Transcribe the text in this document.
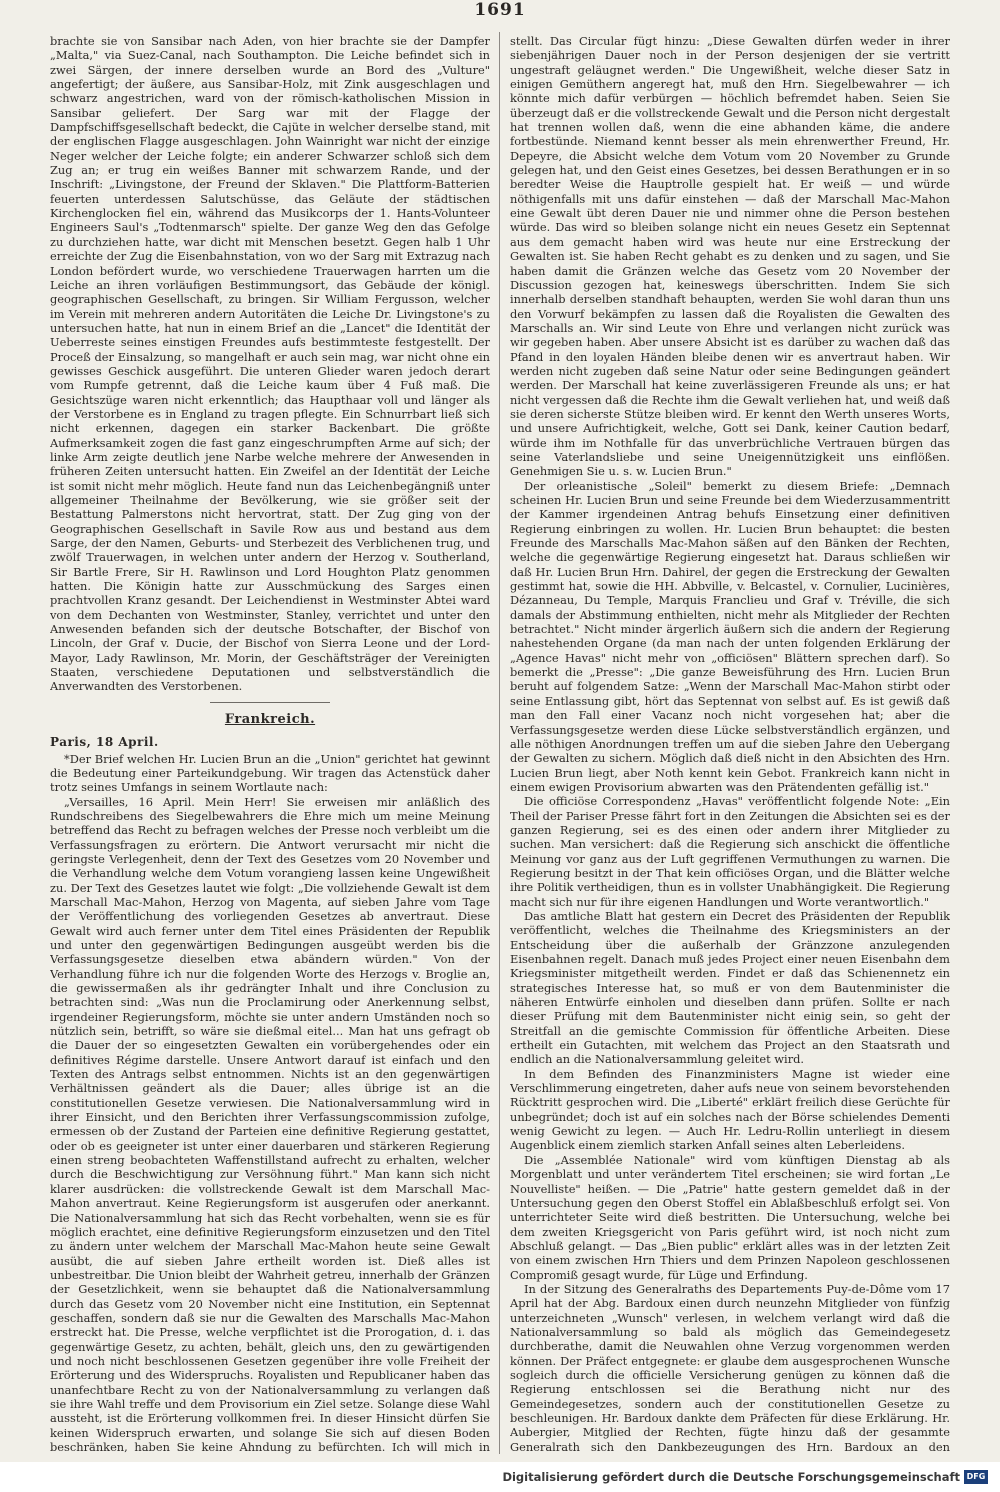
1691

brachte sie von Sansibar nach Aden, von hier brachte sie der Dampfer „Malta," via Suez-Canal, nach Southampton. Die Leiche befindet sich in zwei Särgen, der innere derselben wurde an Bord des „Vulture" angefertigt; der äußere, aus Sansibar-Holz, mit Zink ausgeschlagen und schwarz angestrichen, ward von der römisch-katholischen Mission in Sansibar geliefert. Der Sarg war mit der Flagge der Dampfschiffsgesellschaft bedeckt, die Cajüte in welcher derselbe stand, mit der englischen Flagge ausgeschlagen. John Wainright war nicht der einzige Neger welcher der Leiche folgte; ein anderer Schwarzer schloß sich dem Zug an; er trug ein weißes Banner mit schwarzem Rande, und der Inschrift: „Livingstone, der Freund der Sklaven." Die Plattform-Batterien feuerten unterdessen Salutschüsse, das Geläute der städtischen Kirchenglocken fiel ein, während das Musikcorps der 1. Hants-Volunteer Engineers Saul's „Todtenmarsch" spielte. Der ganze Weg den das Gefolge zu durchziehen hatte, war dicht mit Menschen besetzt. Gegen halb 1 Uhr erreichte der Zug die Eisenbahnstation, von wo der Sarg mit Extrazug nach London befördert wurde, wo verschiedene Trauerwagen harrten um die Leiche an ihren vorläufigen Bestimmungsort, das Gebäude der königl. geographischen Gesellschaft, zu bringen. Sir William Fergusson, welcher im Verein mit mehreren andern Autoritäten die Leiche Dr. Livingstone's zu untersuchen hatte, hat nun in einem Brief an die „Lancet" die Identität der Ueberreste seines einstigen Freundes aufs bestimmteste festgestellt. Der Proceß der Einsalzung, so mangelhaft er auch sein mag, war nicht ohne ein gewisses Geschick ausgeführt. Die unteren Glieder waren jedoch derart vom Rumpfe getrennt, daß die Leiche kaum über 4 Fuß maß. Die Gesichtszüge waren nicht erkenntlich; das Haupthaar voll und länger als der Verstorbene es in England zu tragen pflegte. Ein Schnurrbart ließ sich nicht erkennen, dagegen ein starker Backenbart. Die größte Aufmerksamkeit zogen die fast ganz eingeschrumpften Arme auf sich; der linke Arm zeigte deutlich jene Narbe welche mehrere der Anwesenden in früheren Zeiten untersucht hatten. Ein Zweifel an der Identität der Leiche ist somit nicht mehr möglich. Heute fand nun das Leichenbegängniß unter allgemeiner Theilnahme der Bevölkerung, wie sie größer seit der Bestattung Palmerstons nicht hervortrat, statt. Der Zug ging von der Geographischen Gesellschaft in Savile Row aus und bestand aus dem Sarge, der den Namen, Geburts- und Sterbezeit des Verblichenen trug, und zwölf Trauerwagen, in welchen unter andern der Herzog v. Southerland, Sir Bartle Frere, Sir H. Rawlinson und Lord Houghton Platz genommen hatten. Die Königin hatte zur Ausschmückung des Sarges einen prachtvollen Kranz gesandt. Der Leichendienst in Westminster Abtei ward von dem Dechanten von Westminster, Stanley, verrichtet und unter den Anwesenden befanden sich der deutsche Botschafter, der Bischof von Lincoln, der Graf v. Ducie, der Bischof von Sierra Leone und der Lord-Mayor, Lady Rawlinson, Mr. Morin, der Geschäftsträger der Vereinigten Staaten, verschiedene Deputationen und selbstverständlich die Anverwandten des Verstorbenen.

Frankreich.
Paris, 18 April.

*Der Brief welchen Hr. Lucien Brun an die „Union" gerichtet hat gewinnt die Bedeutung einer Parteikundgebung. Wir tragen das Actenstück daher trotz seines Umfangs in seinem Wortlaute nach:

„Versailles, 16 April. Mein Herr! Sie erweisen mir anläßlich des Rundschreibens des Siegelbewahrers die Ehre mich um meine Meinung betreffend das Recht zu befragen welches der Presse noch verbleibt um die Verfassungsfragen zu erörtern. Die Antwort verursacht mir nicht die geringste Verlegenheit, denn der Text des Gesetzes vom 20 November und die Verhandlung welche dem Votum vorangieng lassen keine Ungewißheit zu. Der Text des Gesetzes lautet wie folgt: „Die vollziehende Gewalt ist dem Marschall Mac-Mahon, Herzog von Magenta, auf sieben Jahre vom Tage der Veröffentlichung des vorliegenden Gesetzes ab anvertraut. Diese Gewalt wird auch ferner unter dem Titel eines Präsidenten der Republik und unter den gegenwärtigen Bedingungen ausgeübt werden bis die Verfassungsgesetze dieselben etwa abändern würden." Von der Verhandlung führe ich nur die folgenden Worte des Herzogs v. Broglie an, die gewissermaßen als ihr gedrängter Inhalt und ihre Conclusion zu betrachten sind: „Was nun die Proclamirung oder Anerkennung selbst, irgendeiner Regierungsform, möchte sie unter andern Umständen noch so nützlich sein, betrifft, so wäre sie dießmal eitel... Man hat uns gefragt ob die Dauer der so eingesetzten Gewalten ein vorübergehendes oder ein definitives Régime darstelle. Unsere Antwort darauf ist einfach und den Texten des Antrags selbst entnommen. Nichts ist an den gegenwärtigen Verhältnissen geändert als die Dauer; alles übrige ist an die constitutionellen Gesetze verwiesen. Die Nationalversammlung wird in ihrer Einsicht, und den Berichten ihrer Verfassungscommission zufolge, ermessen ob der Zustand der Parteien eine definitive Regierung gestattet, oder ob es geeigneter ist unter einer dauerbaren und stärkeren Regierung einen streng beobachteten Waffenstillstand aufrecht zu erhalten, welcher durch die Beschwichtigung zur Versöhnung führt." Man kann sich nicht klarer ausdrücken: die vollstreckende Gewalt ist dem Marschall Mac-Mahon anvertraut. Keine Regierungsform ist ausgerufen oder anerkannt. Die Nationalversammlung hat sich das Recht vorbehalten, wenn sie es für möglich erachtet, eine definitive Regierungsform einzusetzen und den Titel zu ändern unter welchem der Marschall Mac-Mahon heute seine Gewalt ausübt, die auf sieben Jahre ertheilt worden ist. Dieß alles ist unbestreitbar. Die Union bleibt der Wahrheit getreu, innerhalb der Gränzen der Gesetzlichkeit, wenn sie behauptet daß die Nationalversammlung durch das Gesetz vom 20 November nicht eine Institution, ein Septennat geschaffen, sondern daß sie nur die Gewalten des Marschalls Mac-Mahon erstreckt hat. Die Presse, welche verpflichtet ist die Prorogation, d. i. das gegenwärtige Gesetz, zu achten, behält, gleich uns, den zu gewärtigenden und noch nicht beschlossenen Gesetzen gegenüber ihre volle Freiheit der Erörterung und des Widerspruchs. Royalisten und Republicaner haben das unanfechtbare Recht zu von der Nationalversammlung zu verlangen daß sie ihre Wahl treffe und dem Provisorium ein Ziel setze. Solange diese Wahl aussteht, ist die Erörterung vollkommen frei. In dieser Hinsicht dürfen Sie keinen Widerspruch erwarten, und solange Sie sich auf diesen Boden beschränken, haben Sie keine Ahndung zu befürchten. Ich will mich in

stellt. Das Circular fügt hinzu: „Diese Gewalten dürfen weder in ihrer siebenjährigen Dauer noch in der Person desjenigen der sie vertritt ungestraft geläugnet werden." Die Ungewißheit, welche dieser Satz in einigen Gemüthern angeregt hat, muß den Hrn. Siegelbewahrer — ich könnte mich dafür verbürgen — höchlich befremdet haben. Seien Sie überzeugt daß er die vollstreckende Gewalt und die Person nicht dergestalt hat trennen wollen daß, wenn die eine abhanden käme, die andere fortbestünde. Niemand kennt besser als mein ehrenwerther Freund, Hr. Depeyre, die Absicht welche dem Votum vom 20 November zu Grunde gelegen hat, und den Geist eines Gesetzes, bei dessen Berathungen er in so beredter Weise die Hauptrolle gespielt hat. Er weiß — und würde nöthigenfalls mit uns dafür einstehen — daß der Marschall Mac-Mahon eine Gewalt übt deren Dauer nie und nimmer ohne die Person bestehen würde. Das wird so bleiben solange nicht ein neues Gesetz ein Septennat aus dem gemacht haben wird was heute nur eine Erstreckung der Gewalten ist. Sie haben Recht gehabt es zu denken und zu sagen, und Sie haben damit die Gränzen welche das Gesetz vom 20 November der Discussion gezogen hat, keineswegs überschritten. Indem Sie sich innerhalb derselben standhaft behaupten, werden Sie wohl daran thun uns den Vorwurf bekämpfen zu lassen daß die Royalisten die Gewalten des Marschalls an. Wir sind Leute von Ehre und verlangen nicht zurück was wir gegeben haben. Aber unsere Absicht ist es darüber zu wachen daß das Pfand in den loyalen Händen bleibe denen wir es anvertraut haben. Wir werden nicht zugeben daß seine Natur oder seine Bedingungen geändert werden. Der Marschall hat keine zuverlässigeren Freunde als uns; er hat nicht vergessen daß die Rechte ihm die Gewalt verliehen hat, und weiß daß sie deren sicherste Stütze bleiben wird. Er kennt den Werth unseres Worts, und unsere Aufrichtigkeit, welche, Gott sei Dank, keiner Caution bedarf, würde ihm im Nothfalle für das unverbrüchliche Vertrauen bürgen das seine Vaterlandsliebe und seine Uneigennützigkeit uns einflößen. Genehmigen Sie u. s. w. Lucien Brun."

Der orleanistische „Soleil" bemerkt zu diesem Briefe: „Demnach scheinen Hr. Lucien Brun und seine Freunde bei dem Wiederzusammentritt der Kammer irgendeinen Antrag behufs Einsetzung einer definitiven Regierung einbringen zu wollen. Hr. Lucien Brun behauptet: die besten Freunde des Marschalls Mac-Mahon säßen auf den Bänken der Rechten, welche die gegenwärtige Regierung eingesetzt hat. Daraus schließen wir daß Hr. Lucien Brun Hrn. Dahirel, der gegen die Erstreckung der Gewalten gestimmt hat, sowie die HH. Abbville, v. Belcastel, v. Cornulier, Lucinières, Dézanneau, Du Temple, Marquis Franclieu und Graf v. Tréville, die sich damals der Abstimmung enthielten, nicht mehr als Mitglieder der Rechten betrachtet." Nicht minder ärgerlich äußern sich die andern der Regierung nahestehenden Organe (da man nach der unten folgenden Erklärung der „Agence Havas" nicht mehr von „officiösen" Blättern sprechen darf). So bemerkt die „Presse": „Die ganze Beweisführung des Hrn. Lucien Brun beruht auf folgendem Satze: „Wenn der Marschall Mac-Mahon stirbt oder seine Entlassung gibt, hört das Septennat von selbst auf. Es ist gewiß daß man den Fall einer Vacanz noch nicht vorgesehen hat; aber die Verfassungsgesetze werden diese Lücke selbstverständlich ergänzen, und alle nöthigen Anordnungen treffen um auf die sieben Jahre den Uebergang der Gewalten zu sichern. Möglich daß dieß nicht in den Absichten des Hrn. Lucien Brun liegt, aber Noth kennt kein Gebot. Frankreich kann nicht in einem ewigen Provisorium abwarten was den Prätendenten gefällig ist."

Die officiöse Correspondenz „Havas" veröffentlicht folgende Note: „Ein Theil der Pariser Presse fährt fort in den Zeitungen die Absichten sei es der ganzen Regierung, sei es des einen oder andern ihrer Mitglieder zu suchen. Man versichert: daß die Regierung sich anschickt die öffentliche Meinung vor ganz aus der Luft gegriffenen Vermuthungen zu warnen. Die Regierung besitzt in der That kein officiöses Organ, und die Blätter welche ihre Politik vertheidigen, thun es in vollster Unabhängigkeit. Die Regierung macht sich nur für ihre eigenen Handlungen und Worte verantwortlich."

Das amtliche Blatt hat gestern ein Decret des Präsidenten der Republik veröffentlicht, welches die Theilnahme des Kriegsministers an der Entscheidung über die außerhalb der Gränzzone anzulegenden Eisenbahnen regelt. Danach muß jedes Project einer neuen Eisenbahn dem Kriegsminister mitgetheilt werden. Findet er daß das Schienennetz ein strategisches Interesse hat, so muß er von dem Bautenminister die näheren Entwürfe einholen und dieselben dann prüfen. Sollte er nach dieser Prüfung mit dem Bautenminister nicht einig sein, so geht der Streitfall an die gemischte Commission für öffentliche Arbeiten. Diese ertheilt ein Gutachten, mit welchem das Project an den Staatsrath und endlich an die Nationalversammlung geleitet wird.

In dem Befinden des Finanzministers Magne ist wieder eine Verschlimmerung eingetreten, daher aufs neue von seinem bevorstehenden Rücktritt gesprochen wird. Die „Liberté" erklärt freilich diese Gerüchte für unbegründet; doch ist auf ein solches nach der Börse schielendes Dementi wenig Gewicht zu legen. — Auch Hr. Ledru-Rollin unterliegt in diesem Augenblick einem ziemlich starken Anfall seines alten Leberleidens.

Die „Assemblée Nationale" wird vom künftigen Dienstag ab als Morgenblatt und unter verändertem Titel erscheinen; sie wird fortan „Le Nouvelliste" heißen. — Die „Patrie" hatte gestern gemeldet daß in der Untersuchung gegen den Oberst Stoffel ein Ablaßbeschluß erfolgt sei. Von unterrichteter Seite wird dieß bestritten. Die Untersuchung, welche bei dem zweiten Kriegsgericht von Paris geführt wird, ist noch nicht zum Abschluß gelangt. — Das „Bien public" erklärt alles was in der letzten Zeit von einem zwischen Hrn Thiers und dem Prinzen Napoleon geschlossenen Compromiß gesagt wurde, für Lüge und Erfindung.

In der Sitzung des Generalraths des Departements Puy-de-Dôme vom 17 April hat der Abg. Bardoux einen durch neunzehn Mitglieder von fünfzig unterzeichneten „Wunsch" verlesen, in welchem verlangt wird daß die Nationalversammlung so bald als möglich das Gemeindegesetz durchberathe, damit die Neuwahlen ohne Verzug vorgenommen werden können. Der Präfect entgegnete: er glaube dem ausgesprochenen Wunsche sogleich durch die officielle Versicherung genügen zu können daß die Regierung entschlossen sei die Berathung nicht nur des Gemeindegesetzes, sondern auch der constitutionellen Gesetze zu beschleunigen. Hr. Bardoux dankte dem Präfecten für diese Erklärung. Hr. Aubergier, Mitglied der Rechten, fügte hinzu daß der gesammte Generalrath sich den Dankbezeugungen des Hrn. Bardoux an den

Digitalisierung gefördert durch die Deutsche Forschungsgemeinschaft DFG
